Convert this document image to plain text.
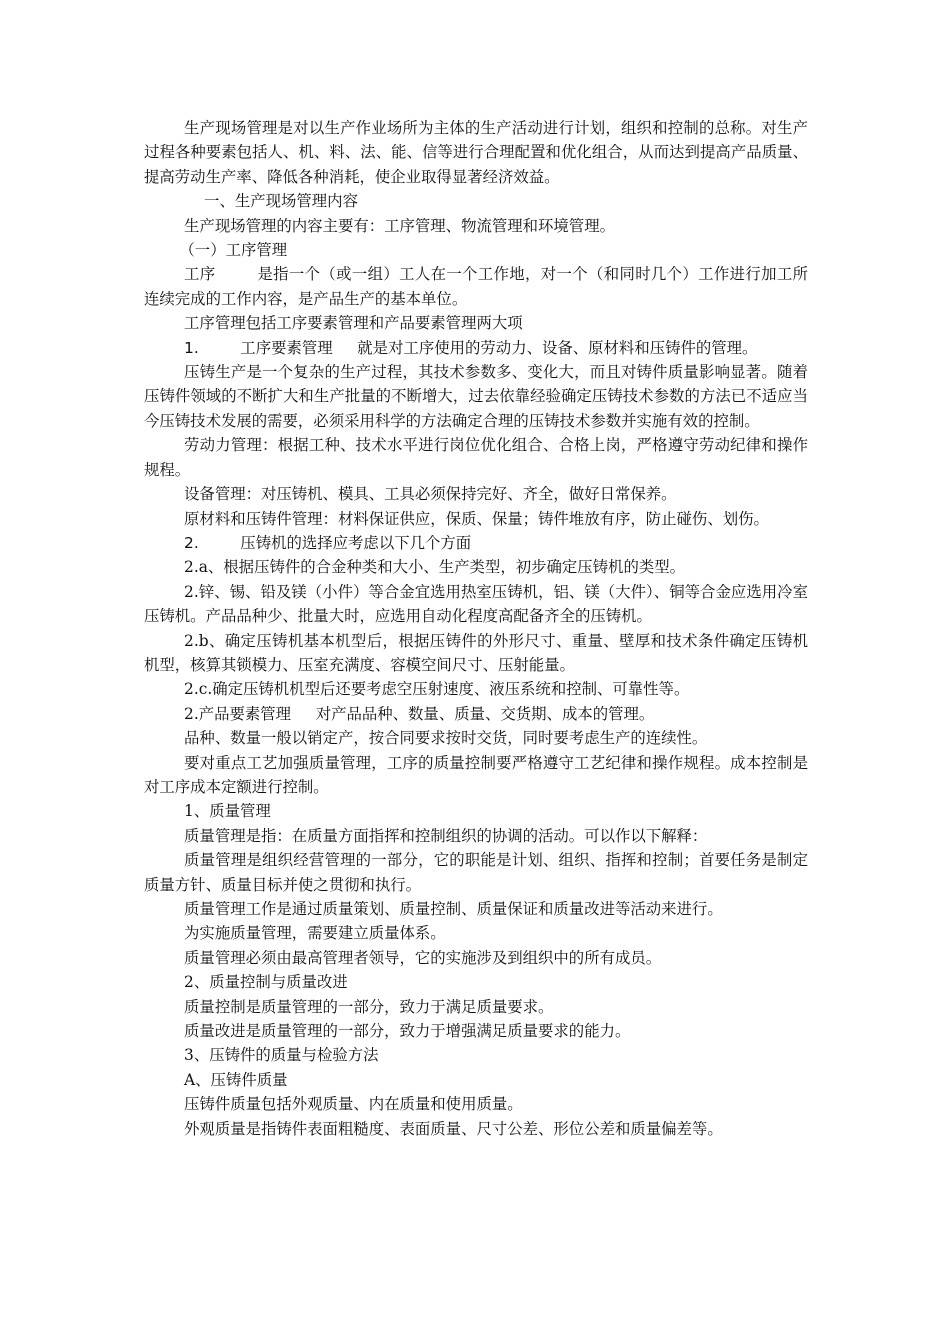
生产现场管理是对以生产作业场所为主体的生产活动进行计划，组织和控制的总称。对生产过程各种要素包括人、机、料、法、能、信等进行合理配置和优化组合，从而达到提高产品质量、提高劳动生产率、降低各种消耗，使企业取得显著经济效益。

一、生产现场管理内容

生产现场管理的内容主要有：工序管理、物流管理和环境管理。

（一）工序管理

工序	是指一个（或一组）工人在一个工作地，对一个（和同时几个）工作进行加工所连续完成的工作内容，是产品生产的基本单位。

工序管理包括工序要素管理和产品要素管理两大项

1.	工序要素管理 就是对工序使用的劳动力、设备、原材料和压铸件的管理。

压铸生产是一个复杂的生产过程，其技术参数多、变化大，而且对铸件质量影响显著。随着压铸件领域的不断扩大和生产批量的不断增大，过去依靠经验确定压铸技术参数的方法已不适应当今压铸技术发展的需要，必须采用科学的方法确定合理的压铸技术参数并实施有效的控制。

劳动力管理：根据工种、技术水平进行岗位优化组合、合格上岗，严格遵守劳动纪律和操作规程。

设备管理：对压铸机、模具、工具必须保持完好、齐全，做好日常保养。

原材料和压铸件管理：材料保证供应，保质、保量；铸件堆放有序，防止碰伤、划伤。

2.	压铸机的选择应考虑以下几个方面

2.a、根据压铸件的合金种类和大小、生产类型，初步确定压铸机的类型。

2.锌、锡、铅及镁（小件）等合金宜选用热室压铸机，铝、镁（大件）、铜等合金应选用冷室压铸机。产品品种少、批量大时，应选用自动化程度高配备齐全的压铸机。

2.b、确定压铸机基本机型后，根据压铸件的外形尺寸、重量、壁厚和技术条件确定压铸机机型，核算其锁模力、压室充满度、容模空间尺寸、压射能量。

2.c.确定压铸机机型后还要考虑空压射速度、液压系统和控制、可靠性等。

2.产品要素管理 对产品品种、数量、质量、交货期、成本的管理。

品种、数量一般以销定产，按合同要求按时交货，同时要考虑生产的连续性。

要对重点工艺加强质量管理，工序的质量控制要严格遵守工艺纪律和操作规程。成本控制是对工序成本定额进行控制。

1、质量管理

质量管理是指：在质量方面指挥和控制组织的协调的活动。可以作以下解释：

质量管理是组织经营管理的一部分，它的职能是计划、组织、指挥和控制；首要任务是制定质量方针、质量目标并使之贯彻和执行。

质量管理工作是通过质量策划、质量控制、质量保证和质量改进等活动来进行。

为实施质量管理，需要建立质量体系。

质量管理必须由最高管理者领导，它的实施涉及到组织中的所有成员。

2、质量控制与质量改进

质量控制是质量管理的一部分，致力于满足质量要求。

质量改进是质量管理的一部分，致力于增强满足质量要求的能力。

3、压铸件的质量与检验方法

A、压铸件质量

压铸件质量包括外观质量、内在质量和使用质量。

外观质量是指铸件表面粗糙度、表面质量、尺寸公差、形位公差和质量偏差等。
